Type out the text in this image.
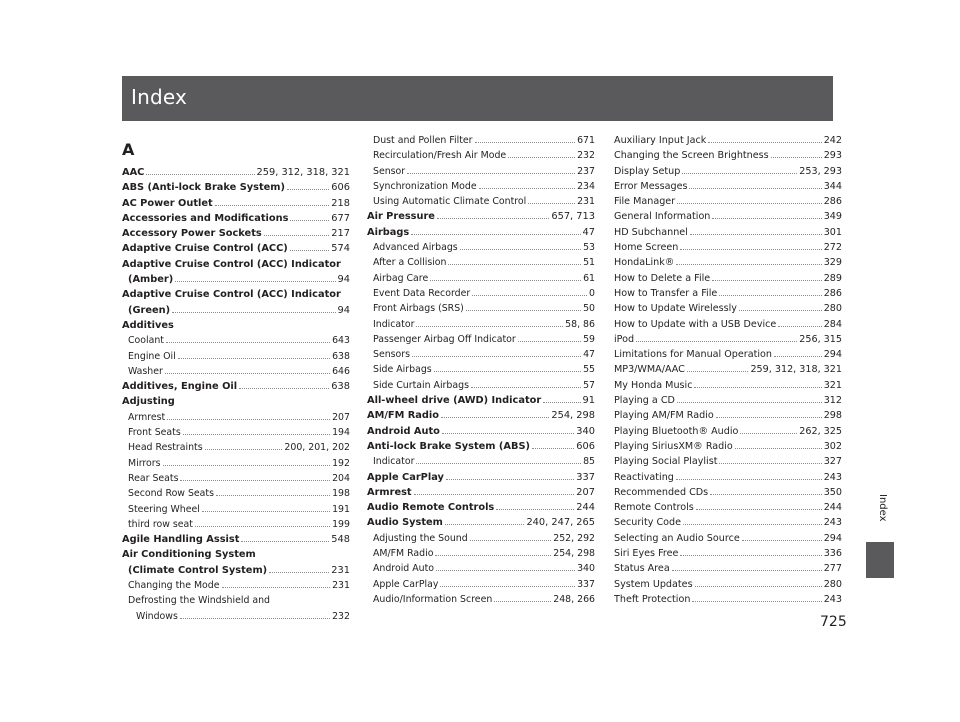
Index
A
AAC	259, 312, 318, 321
ABS (Anti-lock Brake System)	606
AC Power Outlet	218
Accessories and Modifications	677
Accessory Power Sockets	217
Adaptive Cruise Control (ACC)	574
Adaptive Cruise Control (ACC) Indicator
(Amber)	94
Adaptive Cruise Control (ACC) Indicator
(Green)	94
Additives
Coolant	643
Engine Oil	638
Washer	646
Additives, Engine Oil	638
Adjusting
Armrest	207
Front Seats	194
Head Restraints	200, 201, 202
Mirrors	192
Rear Seats	204
Second Row Seats	198
Steering Wheel	191
third row seat	199
Agile Handling Assist	548
Air Conditioning System
(Climate Control System)	231
Changing the Mode	231
Defrosting the Windshield and
Windows	232
Dust and Pollen Filter	671
Recirculation/Fresh Air Mode	232
Sensor	237
Synchronization Mode	234
Using Automatic Climate Control	231
Air Pressure	657, 713
Airbags	47
Advanced Airbags	53
After a Collision	51
Airbag Care	61
Event Data Recorder	0
Front Airbags (SRS)	50
Indicator	58, 86
Passenger Airbag Off Indicator	59
Sensors	47
Side Airbags	55
Side Curtain Airbags	57
All-wheel drive (AWD) Indicator	91
AM/FM Radio	254, 298
Android Auto	340
Anti-lock Brake System (ABS)	606
Indicator	85
Apple CarPlay	337
Armrest	207
Audio Remote Controls	244
Audio System	240, 247, 265
Adjusting the Sound	252, 292
AM/FM Radio	254, 298
Android Auto	340
Apple CarPlay	337
Audio/Information Screen	248, 266
Auxiliary Input Jack	242
Changing the Screen Brightness	293
Display Setup	253, 293
Error Messages	344
File Manager	286
General Information	349
HD Subchannel	301
Home Screen	272
HondaLink®	329
How to Delete a File	289
How to Transfer a File	286
How to Update Wirelessly	280
How to Update with a USB Device	284
iPod	256, 315
Limitations for Manual Operation	294
MP3/WMA/AAC	259, 312, 318, 321
My Honda Music	321
Playing a CD	312
Playing AM/FM Radio	298
Playing Bluetooth® Audio	262, 325
Playing SiriusXM® Radio	302
Playing Social Playlist	327
Reactivating	243
Recommended CDs	350
Remote Controls	244
Security Code	243
Selecting an Audio Source	294
Siri Eyes Free	336
Status Area	277
System Updates	280
Theft Protection	243
Index
725
